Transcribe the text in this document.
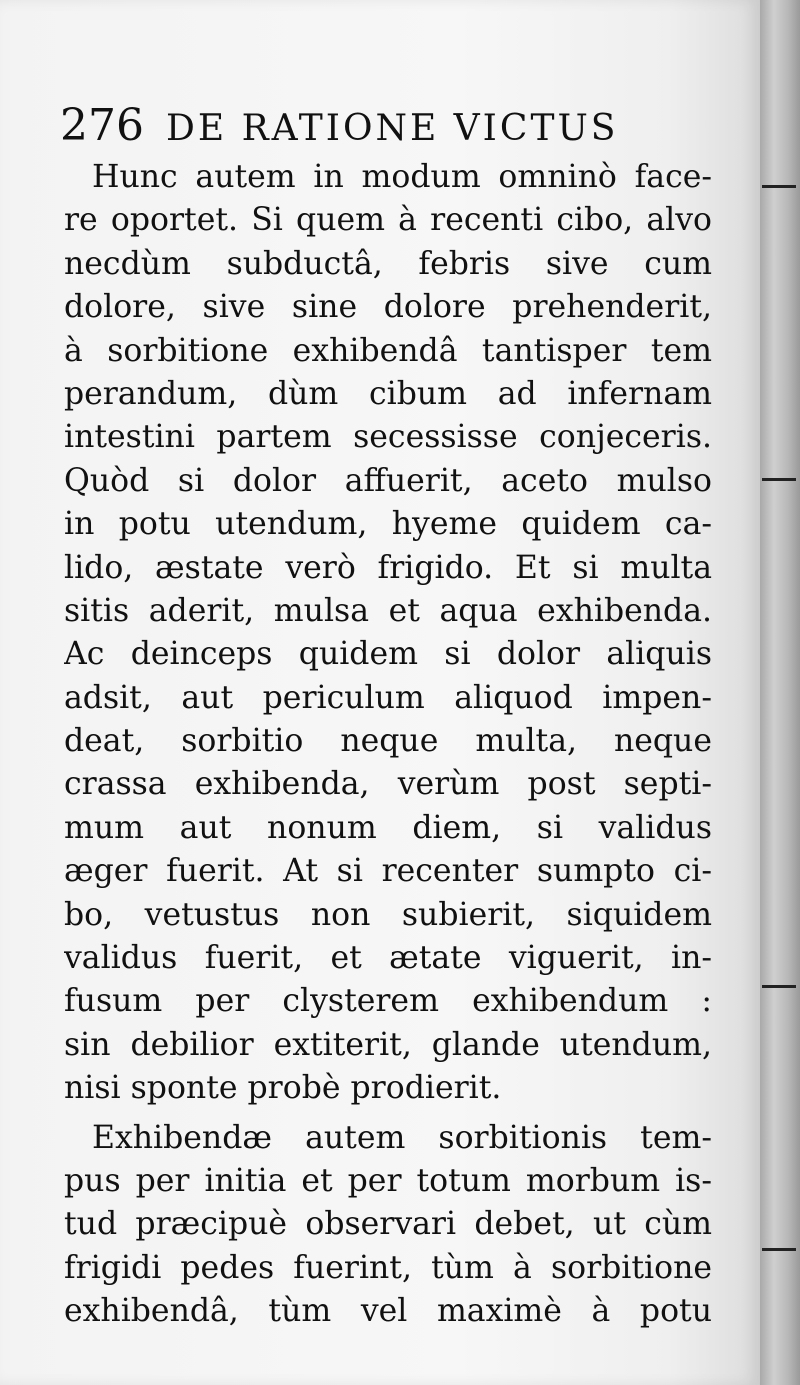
276 DE RATIONE VICTUS
Hunc autem in modum omninò face-
re oportet. Si quem à recenti cibo, alvo
necdùm subductâ, febris sive cum
dolore, sive sine dolore prehenderit,
à sorbitione exhibendâ tantisper tem
perandum, dùm cibum ad infernam
intestini partem secessisse conjeceris.
Quòd si dolor affuerit, aceto mulso
in potu utendum, hyeme quidem ca-
lido, æstate verò frigido. Et si multa
sitis aderit, mulsa et aqua exhibenda.
Ac deinceps quidem si dolor aliquis
adsit, aut periculum aliquod impen-
deat, sorbitio neque multa, neque
crassa exhibenda, verùm post septi-
mum aut nonum diem, si validus
æger fuerit. At si recenter sumpto ci-
bo, vetustus non subierit, siquidem
validus fuerit, et ætate viguerit, in-
fusum per clysterem exhibendum :
sin debilior extiterit, glande utendum,
nisi sponte probè prodierit.
Exhibendæ autem sorbitionis tem-
pus per initia et per totum morbum is-
tud præcipuè observari debet, ut cùm
frigidi pedes fuerint, tùm à sorbitione
exhibendâ, tùm vel maximè à potu
